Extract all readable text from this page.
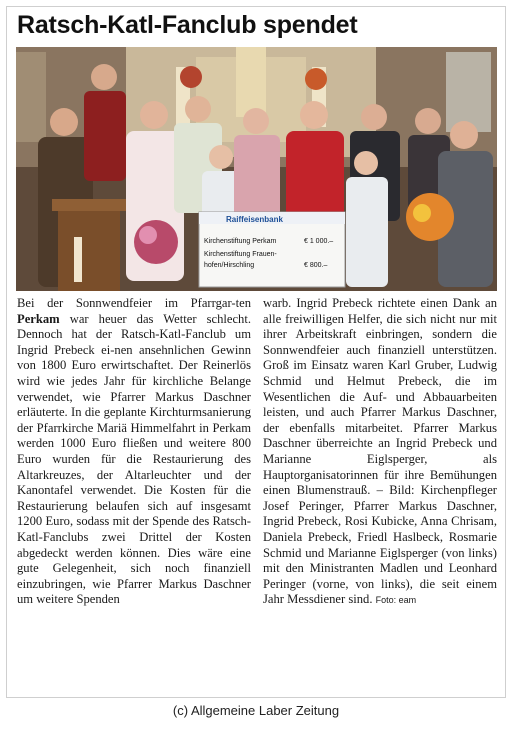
Ratsch-Katl-Fanclub spendet
Raiffeisenbank
Kirchenstiftung Perkam	€ 1 000.–
Kirchenstiftung Frauen-
hofen/Hirschling	€ 800.–

Bei der Sonnwendfeier im Pfarrgar-ten Perkam war heuer das Wetter schlecht. Dennoch hat der Ratsch-Katl-Fanclub um Ingrid Prebeck ei-nen ansehnlichen Gewinn von 1800 Euro erwirtschaftet. Der Reinerlös wird wie jedes Jahr für kirchliche Belange verwendet, wie Pfarrer Markus Daschner erläuterte. In die geplante Kirchturmsanierung der Pfarrkirche Mariä Himmelfahrt in Perkam werden 1000 Euro fließen und weitere 800 Euro wurden für die Restaurierung des Altarkreuzes, der Altarleuchter und der Kanontafel verwendet. Die Kosten für die Restaurierung belaufen sich auf insgesamt 1200 Euro, sodass mit der Spende des Ratsch-Katl-Fanclubs zwei Drittel der Kosten abgedeckt werden können. Dies wäre eine gute Gelegenheit, sich noch finanziell einzubringen, wie Pfarrer Markus Daschner um weitere Spenden

warb. Ingrid Prebeck richtete einen Dank an alle freiwilligen Helfer, die sich nicht nur mit ihrer Arbeitskraft einbringen, sondern die Sonnwendfeier auch finanziell unterstützen. Groß im Einsatz waren Karl Gruber, Ludwig Schmid und Helmut Prebeck, die im Wesentlichen die Auf- und Abbauarbeiten leisten, und auch Pfarrer Markus Daschner, der ebenfalls mitarbeitet. Pfarrer Markus Daschner überreichte an Ingrid Prebeck und Marianne Eiglsperger, als Hauptorganisatorinnen für ihre Bemühungen einen Blumenstrauß. – Bild: Kirchenpfleger Josef Peringer, Pfarrer Markus Daschner, Ingrid Prebeck, Rosi Kubicke, Anna Chrisam, Daniela Prebeck, Friedl Haslbeck, Rosmarie Schmid und Marianne Eiglsperger (von links) mit den Ministranten Madlen und Leonhard Peringer (vorne, von links), die seit einem Jahr Messdiener sind. Foto: eam

(c) Allgemeine Laber Zeitung
